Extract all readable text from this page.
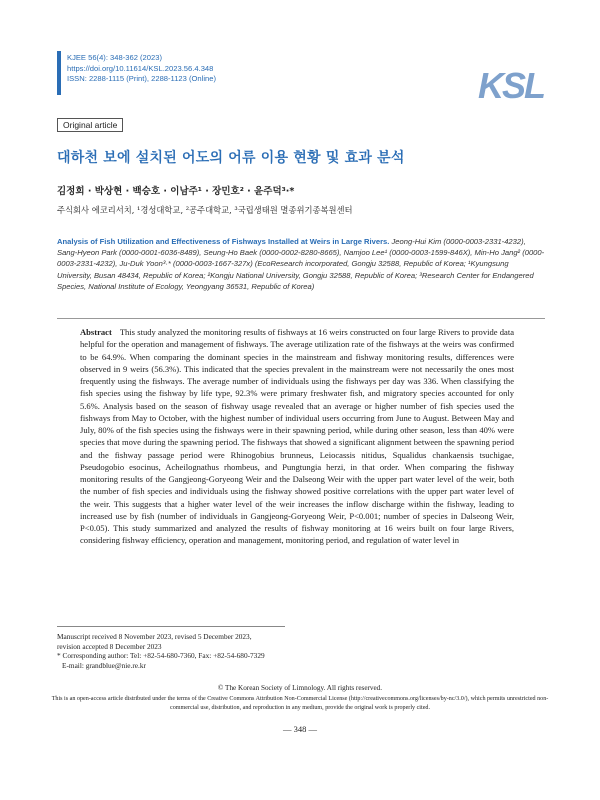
KJEE 56(4): 348-362 (2023)
https://doi.org/10.11614/KSL.2023.56.4.348
ISSN: 2288-1115 (Print), 2288-1123 (Online)	KSL
Original article
대하천 보에 설치된 어도의 어류 이용 현황 및 효과 분석
김정희 · 박상현 · 백승호 · 이남주¹ · 장민호² · 윤주덕³·*
주식회사 에코리서치, ¹경성대학교, ²공주대학교, ³국립생태원 멸종위기종복원센터
Analysis of Fish Utilization and Effectiveness of Fishways Installed at Weirs in Large Rivers. Jeong-Hui Kim (0000-0003-2331-4232), Sang-Hyeon Park (0000-0001-6036-8489), Seung-Ho Baek (0000-0002-8280-8665), Namjoo Lee¹ (0000-0003-1599-846X), Min-Ho Jang² (0000-0003-2331-4232), Ju-Duk Yoon³·* (0000-0003-1667-327x) (EcoResearch incorporated, Gongju 32588, Republic of Korea; ¹Kyungsung University, Busan 48434, Republic of Korea; ²Kongju National University, Gongju 32588, Republic of Korea; ³Research Center for Endangered Species, National Institute of Ecology, Yeongyang 36531, Republic of Korea)
Abstract This study analyzed the monitoring results of fishways at 16 weirs constructed on four large Rivers to provide data helpful for the operation and management of fishways. The average utilization rate of the fishways at the weirs was confirmed to be 64.9%. When comparing the dominant species in the mainstream and fishway monitoring results, differences were observed in 9 weirs (56.3%). This indicated that the species prevalent in the mainstream were not necessarily the ones most frequently using the fishways. The average number of individuals using the fishways per day was 336. When classifying the fish species using the fishway by life type, 92.3% were primary freshwater fish, and migratory species accounted for only 5.6%. Analysis based on the season of fishway usage revealed that an average or higher number of fish species used the fishways from May to October, with the highest number of individual users occurring from June to August. Between May and July, 80% of the fish species using the fishways were in their spawning period, while during other season, less than 40% were species that move during the spawning period. The fishways that showed a significant alignment between the spawning period and the fishway passage period were Rhinogobius brunneus, Leiocassis nitidus, Squalidus chankaensis tsuchigae, Pseudogobio esocinus, Acheilognathus rhombeus, and Pungtungia herzi, in that order. When comparing the fishway monitoring results of the Gangjeong-Goryeong Weir and the Dalseong Weir with the upper part water level of the weir, both the number of fish species and individuals using the fishway showed positive correlations with the upper part water level of the weir. This suggests that a higher water level of the weir increases the inflow discharge within the fishway, leading to increased use by fish (number of individuals in Gangjeong-Goryeong Weir, P<0.001; number of species in Dalseong Weir, P<0.05). This study summarized and analyzed the results of fishway monitoring at 16 weirs built on four large Rivers, considering fishway efficiency, operation and management, monitoring period, and regulation of water level in
Manuscript received 8 November 2023, revised 5 December 2023,
revision accepted 8 December 2023
* Corresponding author: Tel: +82-54-680-7360, Fax: +82-54-680-7329
E-mail: grandblue@nie.re.kr
© The Korean Society of Limnology. All rights reserved.
This is an open-access article distributed under the terms of the Creative Commons Attribution Non-Commercial License (http://creativecommons.org/licenses/by-nc/3.0/), which permits unrestricted non-commercial use, distribution, and reproduction in any medium, provide the original work is properly cited.
— 348 —
